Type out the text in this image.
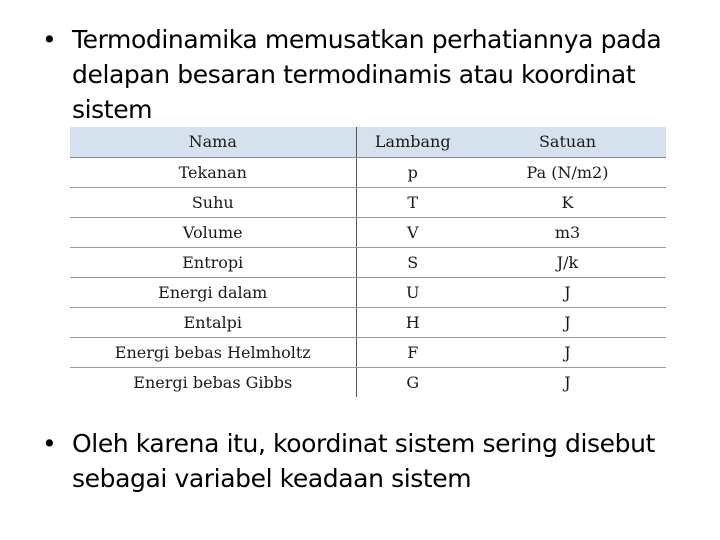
• Termodinamika memusatkan perhatiannya pada delapan besaran termodinamis atau koordinat sistem
Nama	Lambang	Satuan
Tekanan	p	Pa (N/m2)
Suhu	T	K
Volume	V	m3
Entropi	S	J/k
Energi dalam	U	J
Entalpi	H	J
Energi bebas Helmholtz	F	J
Energi bebas Gibbs	G	J
• Oleh karena itu, koordinat sistem sering disebut sebagai variabel keadaan sistem
